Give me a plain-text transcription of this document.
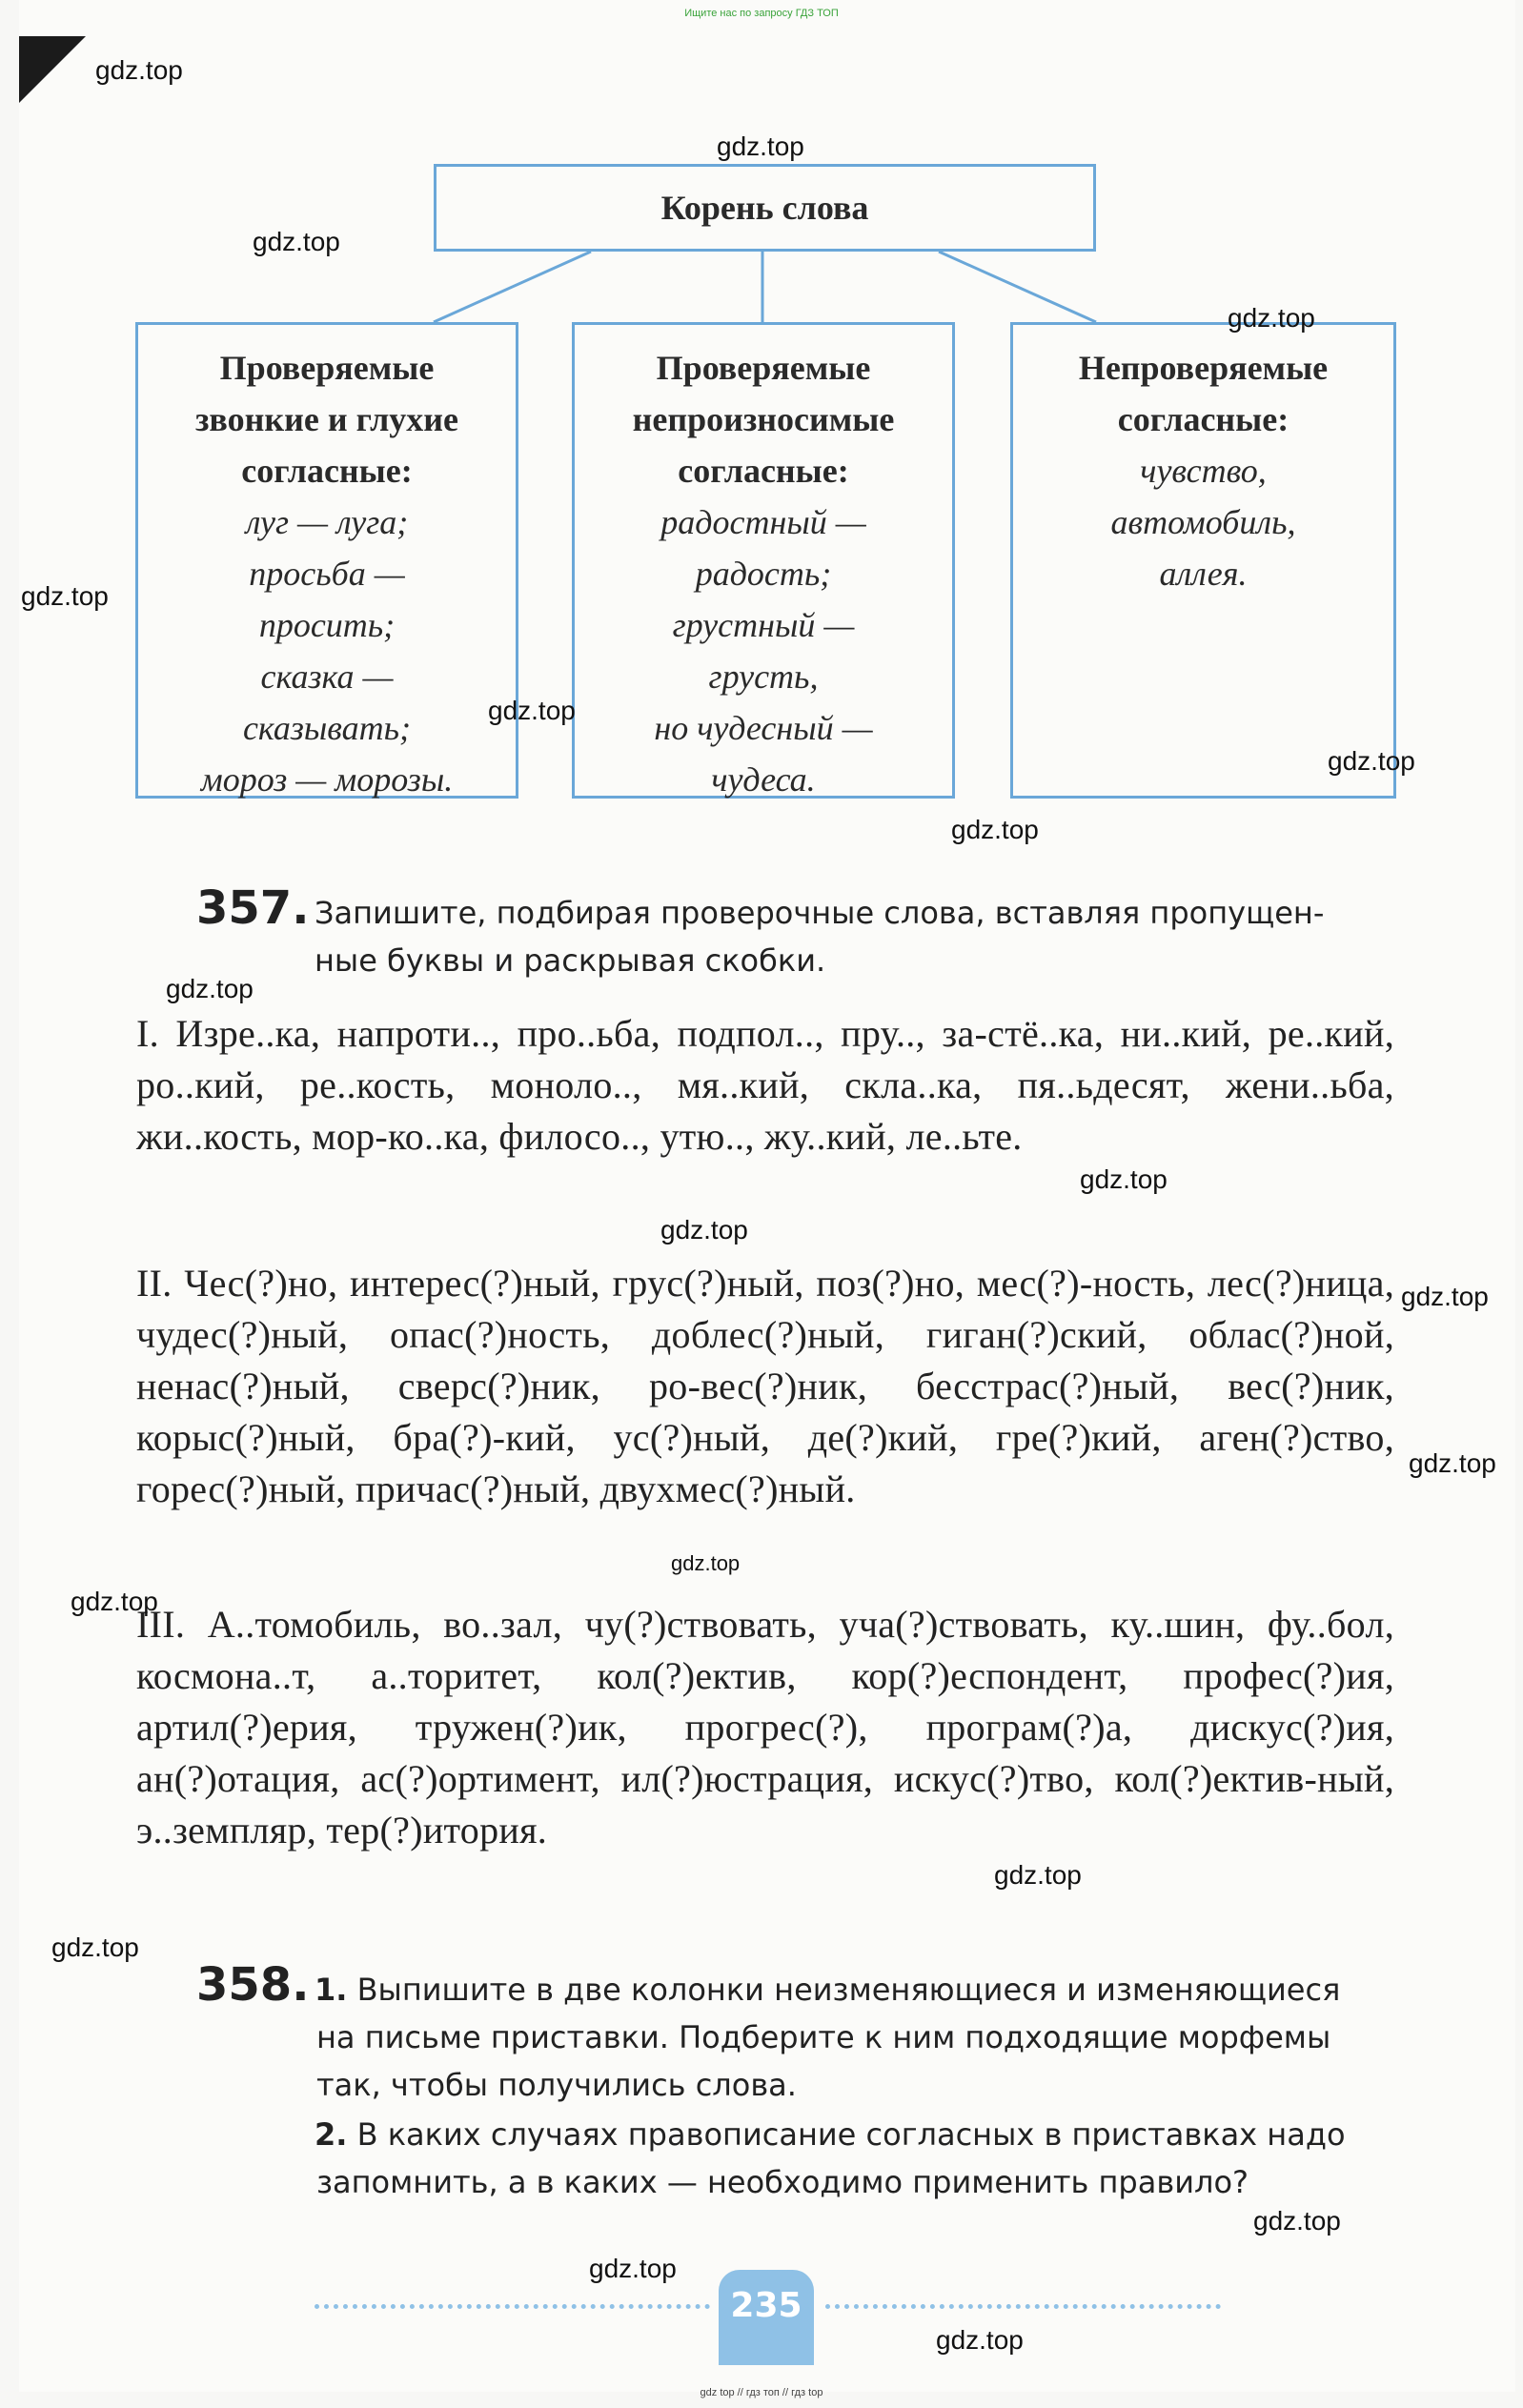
Ищите нас по запросу ГДЗ ТОП
Корень слова
Проверяемые
звонкие и глухие
согласные:
луг — луга;
просьба —
просить;
сказка —
сказывать;
мороз — морозы.
Проверяемые
непроизносимые
согласные:
радостный —
радость;
грустный —
грусть,
но чудесный —
чудеса.
Непроверяемые
согласные:
чувство,
автомобиль,
аллея.
357. Запишите, подбирая проверочные слова, вставляя пропущен-
ные буквы и раскрывая скобки.
I. Изре..ка, напроти.., про..ьба, подпол.., пру.., за-стё..ка, ни..кий, ре..кий, ро..кий, ре..кость, моноло.., мя..кий, скла..ка, пя..ьдесят, жени..ьба, жи..кость, мор-ко..ка, филосо.., утю.., жу..кий, ле..ьте.
II. Чес(?)но, интерес(?)ный, грус(?)ный, поз(?)но, мес(?)-ность, лес(?)ница, чудес(?)ный, опас(?)ность, доблес(?)ный, гиган(?)ский, облас(?)ной, ненас(?)ный, сверс(?)ник, ро-вес(?)ник, бесстрас(?)ный, вес(?)ник, корыс(?)ный, бра(?)-кий, ус(?)ный, де(?)кий, гре(?)кий, аген(?)ство, горес(?)ный, причас(?)ный, двухмес(?)ный.
III. А..томобиль, во..зал, чу(?)ствовать, уча(?)ствовать, ку..шин, фу..бол, космона..т, а..торитет, кол(?)ектив, кор(?)еспондент, профес(?)ия, артил(?)ерия, тружен(?)ик, прогрес(?), програм(?)а, дискус(?)ия, ан(?)отация, ас(?)ортимент, ил(?)юстрация, искус(?)тво, кол(?)ектив-ный, э..земпляр, тер(?)итория.
358. 1. Выпишите в две колонки неизменяющиеся и изменяющиеся
на письме приставки. Подберите к ним подходящие морфемы
так, чтобы получились слова.
2. В каких случаях правописание согласных в приставках надо
запомнить, а в каких — необходимо применить правило?
235
gdz top // гдз топ // гдз top
gdz.top
gdz.top
gdz.top
gdz.top
gdz.top
gdz.top
gdz.top
gdz.top
gdz.top
gdz.top
gdz.top
gdz.top
gdz.top
gdz.top
gdz.top
gdz.top
gdz.top
gdz.top
gdz.top
gdz.top
